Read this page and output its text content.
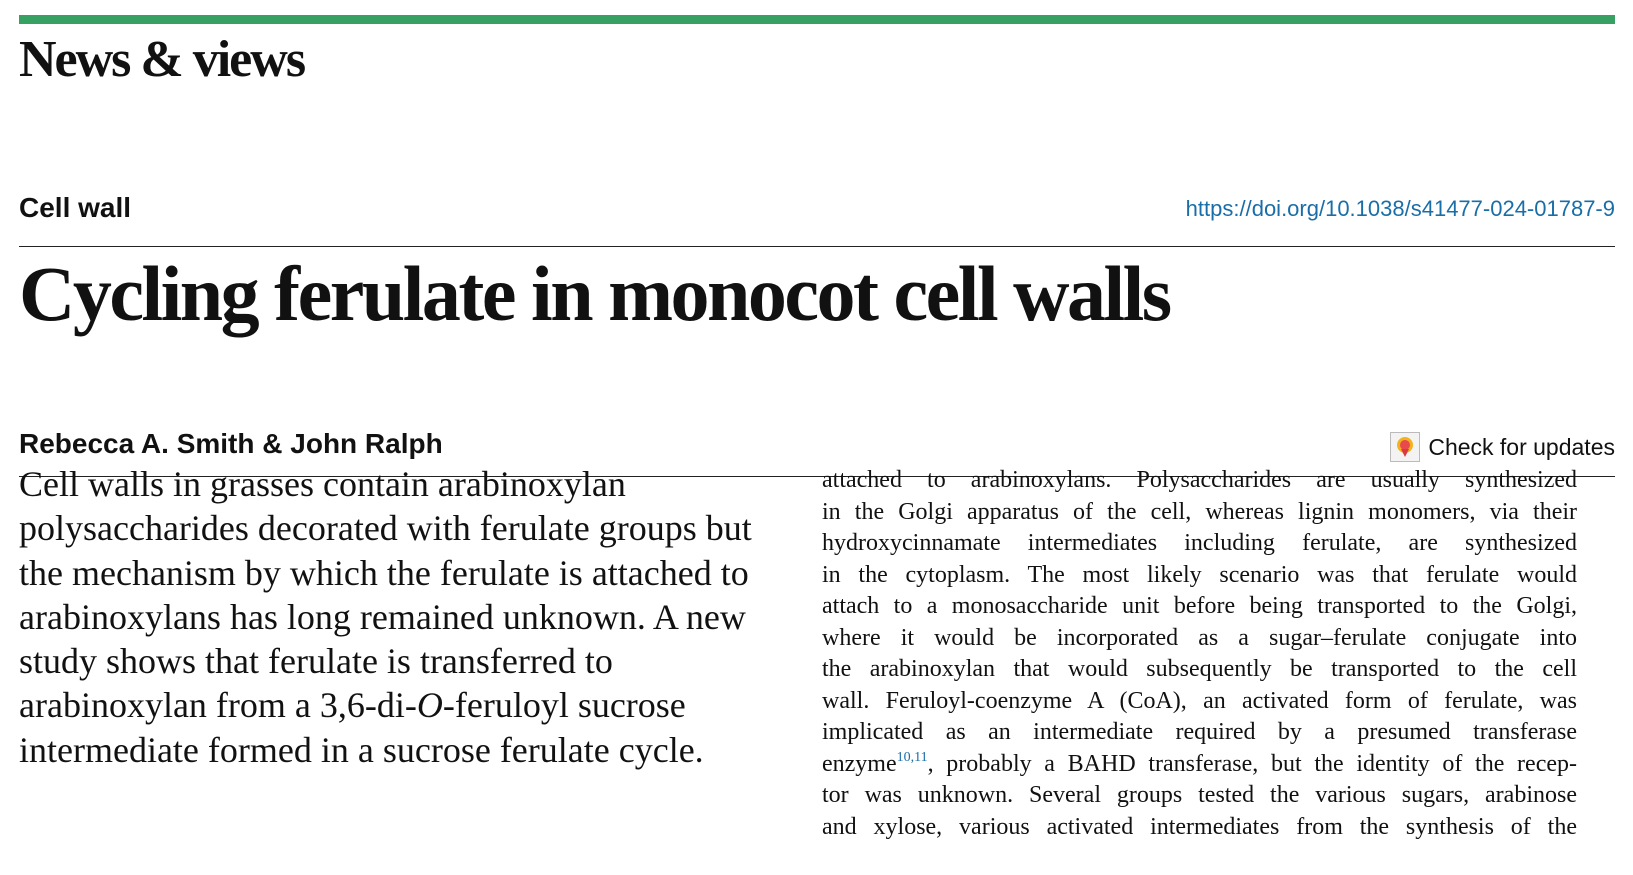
News & views
Cell wall	https://doi.org/10.1038/s41477-024-01787-9
Cycling ferulate in monocot cell walls
Rebecca A. Smith & John Ralph	Check for updates

Cell walls in grasses contain arabinoxylan polysaccharides decorated with ferulate groups but the mechanism by which the ferulate is attached to arabinoxylans has long remained unknown. A new study shows that ferulate is transferred to arabinoxylan from a 3,6-di-O-feruloyl sucrose intermediate formed in a sucrose ferulate cycle.

attached to arabinoxylans. Polysaccharides are usually synthesized
in the Golgi apparatus of the cell, whereas lignin monomers, via their
hydroxycinnamate intermediates including ferulate, are synthesized
in the cytoplasm. The most likely scenario was that ferulate would
attach to a monosaccharide unit before being transported to the Golgi,
where it would be incorporated as a sugar–ferulate conjugate into
the arabinoxylan that would subsequently be transported to the cell
wall. Feruloyl-coenzyme A (CoA), an activated form of ferulate, was
implicated as an intermediate required by a presumed transferase
enzyme$^{10,11}$, probably a BAHD transferase, but the identity of the recep-
tor was unknown. Several groups tested the various sugars, arabinose
and xylose, various activated intermediates from the synthesis of the
